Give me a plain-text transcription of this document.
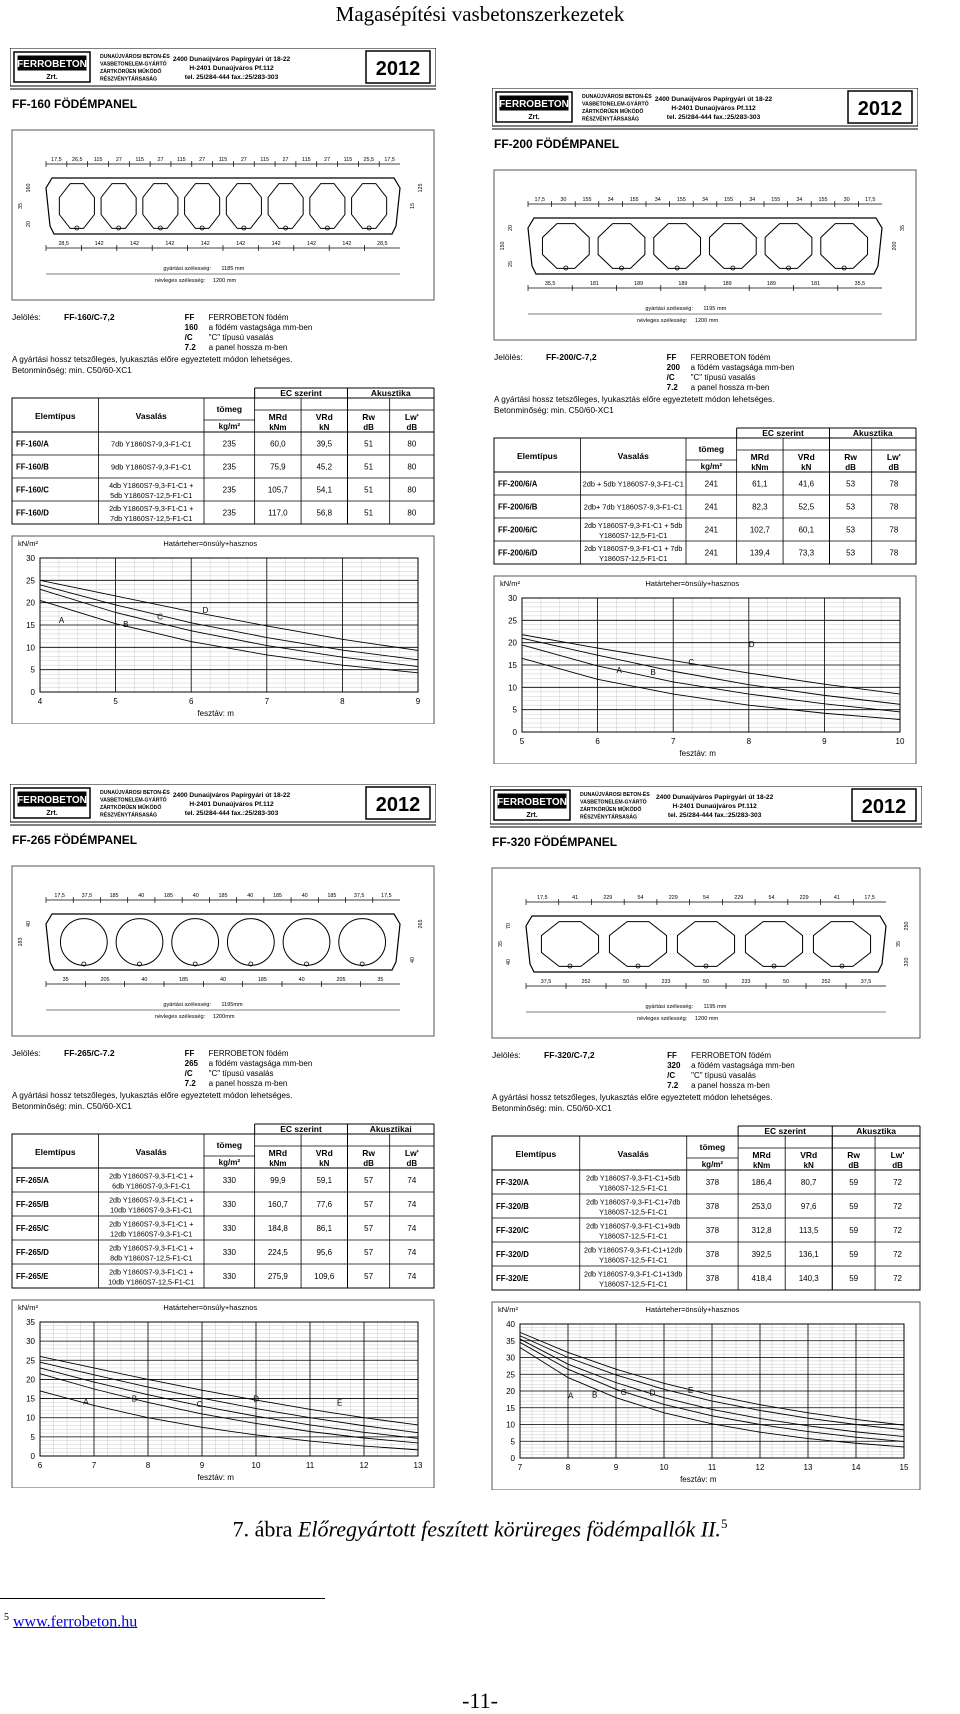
Magasépítési vasbetonszerkezetek
FERROBETON
Zrt.
DUNAÚJVÁROSI BETON-ÉS
VASBETONELEM-GYÁRTÓ
ZÁRTKÖRŰEN MŰKÖDŐ
RÉSZVÉNYTÁRSASÁG
2400 Dunaújváros Papírgyári út 18-22
H-2401 Dunaújváros Pf.112
tel. 25/284-444 fax.:25/283-303	2012
FF-160 FÖDÉMPANEL
17,5 26,5 115	27	115	27	115	27	115	27	115	27	115	27	115 25,5 17,5
28,5	142	142	142	142	142	142	142	142	28,5
160
35
20
125
15
gyártási szélesség: 1185 mm
névleges szélesség: 1200 mm
Jelölés:	FF-160/C-7,2	FF FERROBETON födém
160 a födém vastagsága mm-ben
/C "C" típusú vasalás
7.2 a panel hossza m-ben
A gyártási hossz tetszőleges, lyukasztás előre egyeztetett módon lehetséges.
Betonminőség: min. C50/60-XC1
EC szerint	Akusztika
Elemtípus	Vasalás
tömeg
kg/m²
MRd
kNm
VRd
kN
Rw
dB
Lw'
dB
FF-160/A	7db Y1860S7-9,3-F1-C1	235	60,0	39,5	51	80
FF-160/B	9db Y1860S7-9,3-F1-C1	235	75,9	45,2	51	80
FF-160/C	4db Y1860S7-9,3-F1-C1 +
5db Y1860S7-12,5-F1-C1
235	105,7	54,1	51	80
FF-160/D	2db Y1860S7-9,3-F1-C1 +
7db Y1860S7-12,5-F1-C1
235	117,0	56,8	51	80
kN/m²	Határteher=önsúly+hasznos
0
5
10
15
20
25
30
4	5	6	7	8	9
fesztáv: m
A	B
C
D
FERROBETON
Zrt.
DUNAÚJVÁROSI BETON-ÉS
VASBETONELEM-GYÁRTÓ
ZÁRTKÖRŰEN MŰKÖDŐ
RÉSZVÉNYTÁRSASÁG
2400 Dunaújváros Papírgyári út 18-22
H-2401 Dunaújváros Pf.112
tel. 25/284-444 fax.:25/283-303	2012
FF-200 FÖDÉMPANEL
17,5	30	155	34	155	34	155	34	155	34	155	34	155	30	17,5
35,5	181	189	189	189	189	181	35,5
20
150
25
35
200
gyártási szélesség: 1195 mm
névleges szélesség: 1200 mm
Jelölés:	FF-200/C-7,2	FF FERROBETON födém
200 a födém vastagsága mm-ben
/C "C" típusú vasalás
7.2 a panel hossza m-ben
A gyártási hossz tetszőleges, lyukasztás előre egyeztetett módon lehetséges.
Betonminőség: min. C50/60-XC1
EC szerint	Akusztika
Elemtípus	Vasalás
tömeg
kg/m²
MRd
kNm
VRd
kN
Rw
dB
Lw'
dB
FF-200/6/A	2db + 5db Y1860S7-9,3-F1-C1	241	61,1	41,6	53	78
FF-200/6/B	2db+ 7db Y1860S7-9,3-F1-C1	241	82,3	52,5	53	78
FF-200/6/C	2db Y1860S7-9,3-F1-C1 + 5db
Y1860S7-12,5-F1-C1
241	102,7	60,1	53	78
FF-200/6/D	2db Y1860S7-9,3-F1-C1 + 7db
Y1860S7-12,5-F1-C1
241	139,4	73,3	53	78
kN/m²	Határteher=önsúly+hasznos
0
5
10
15
20
25
30
5	6	7	8	9	10
fesztáv: m
A	B
C
D
FERROBETON
Zrt.
DUNAÚJVÁROSI BETON-ÉS
VASBETONELEM-GYÁRTÓ
ZÁRTKÖRŰEN MŰKÖDŐ
RÉSZVÉNYTÁRSASÁG
2400 Dunaújváros Papírgyári út 18-22
H-2401 Dunaújváros Pf.112
tel. 25/284-444 fax.:25/283-303	2012
FF-265 FÖDÉMPANEL
17,5	37,5	185	40	185	40	185	40	185	40	185	37,5	17,5
35	205	40	185	40	185	40	205	35
40
183
40
265
gyártási szélesség: 1195mm
névleges szélesség: 1200mm
Jelölés:	FF-265/C-7.2	FF FERROBETON födém
265 a födém vastagsága mm-ben
/C "C" típusú vasalás
7.2 a panel hossza m-ben
A gyártási hossz tetszőleges, lyukasztás előre egyeztetett módon lehetséges.
Betonminőség: min. C50/60-XC1
EC szerint	Akusztikai
Elemtípus	Vasalás
tömeg
kg/m²
MRd
kNm
VRd
kN
Rw
dB
Lw'
dB
FF-265/A	2db Y1860S7-9,3-F1-C1 +
6db Y1860S7-9,3-F1-C1
330	99,9	59,1	57	74
FF-265/B	2db Y1860S7-9,3-F1-C1 +
10db Y1860S7-9,3-F1-C1
330	160,7	77,6	57	74
FF-265/C	2db Y1860S7-9,3-F1-C1 +
12db Y1860S7-9,3-F1-C1
330	184,8	86,1	57	74
FF-265/D	2db Y1860S7-9,3-F1-C1 +
8db Y1860S7-12,5-F1-C1
330	224,5	95,6	57	74
FF-265/E	2db Y1860S7-9,3-F1-C1 +
10db Y1860S7-12,5-F1-C1
330	275,9	109,6	57	74
kN/m²	Határteher=önsúly+hasznos
0
5
10
15
20
25
30
35
6	7	8	9	10	11	12	13
fesztáv: m
A	B
C
D	E
FERROBETON
Zrt.
DUNAÚJVÁROSI BETON-ÉS
VASBETONELEM-GYÁRTÓ
ZÁRTKÖRŰEN MŰKÖDŐ
RÉSZVÉNYTÁRSASÁG
2400 Dunaújváros Papírgyári út 18-22
H-2401 Dunaújváros Pf.112
tel. 25/284-444 fax.:25/283-303	2012
FF-320 FÖDÉMPANEL
17,5	41	229	54	229	54	229	54	229	41	17,5
37,5	252	50	233	50	233	50	252	37,5
70
35
40
250
35
320
gyártási szélesség: 1195 mm
névleges szélesség: 1200 mm
Jelölés:	FF-320/C-7,2	FF FERROBETON födém
320 a födém vastagsága mm-ben
/C "C" típusú vasalás
7.2 a panel hossza m-ben
A gyártási hossz tetszőleges, lyukasztás előre egyeztetett módon lehetséges.
Betonminőség: min. C50/60-XC1
EC szerint	Akusztika
Elemtípus	Vasalás
tömeg
kg/m²
MRd
kNm
VRd
kN
Rw
dB
Lw'
dB
FF-320/A	2db Y1860S7-9,3-F1-C1+5db
Y1860S7-12,5-F1-C1
378	186,4	80,7	59	72
FF-320/B	2db Y1860S7-9,3-F1-C1+7db
Y1860S7-12,5-F1-C1
378	253,0	97,6	59	72
FF-320/C	2db Y1860S7-9,3-F1-C1+9db
Y1860S7-12,5-F1-C1
378	312,8	113,5	59	72
FF-320/D	2db Y1860S7-9,3-F1-C1+12db
Y1860S7-12,5-F1-C1
378	392,5	136,1	59	72
FF-320/E	2db Y1860S7-9,3-F1-C1+13db
Y1860S7-12,5-F1-C1
378	418,4	140,3	59	72
kN/m²	Határteher=önsúly+hasznos
0
5
10
15
20
25
30
35
40
7	8	9	10	11	12	13	14	15
fesztáv: m
A B	C	D	E
7. ábra Előregyártott feszített körüreges födémpallók II.$^5$
$^5$ www.ferrobeton.hu
-11-
